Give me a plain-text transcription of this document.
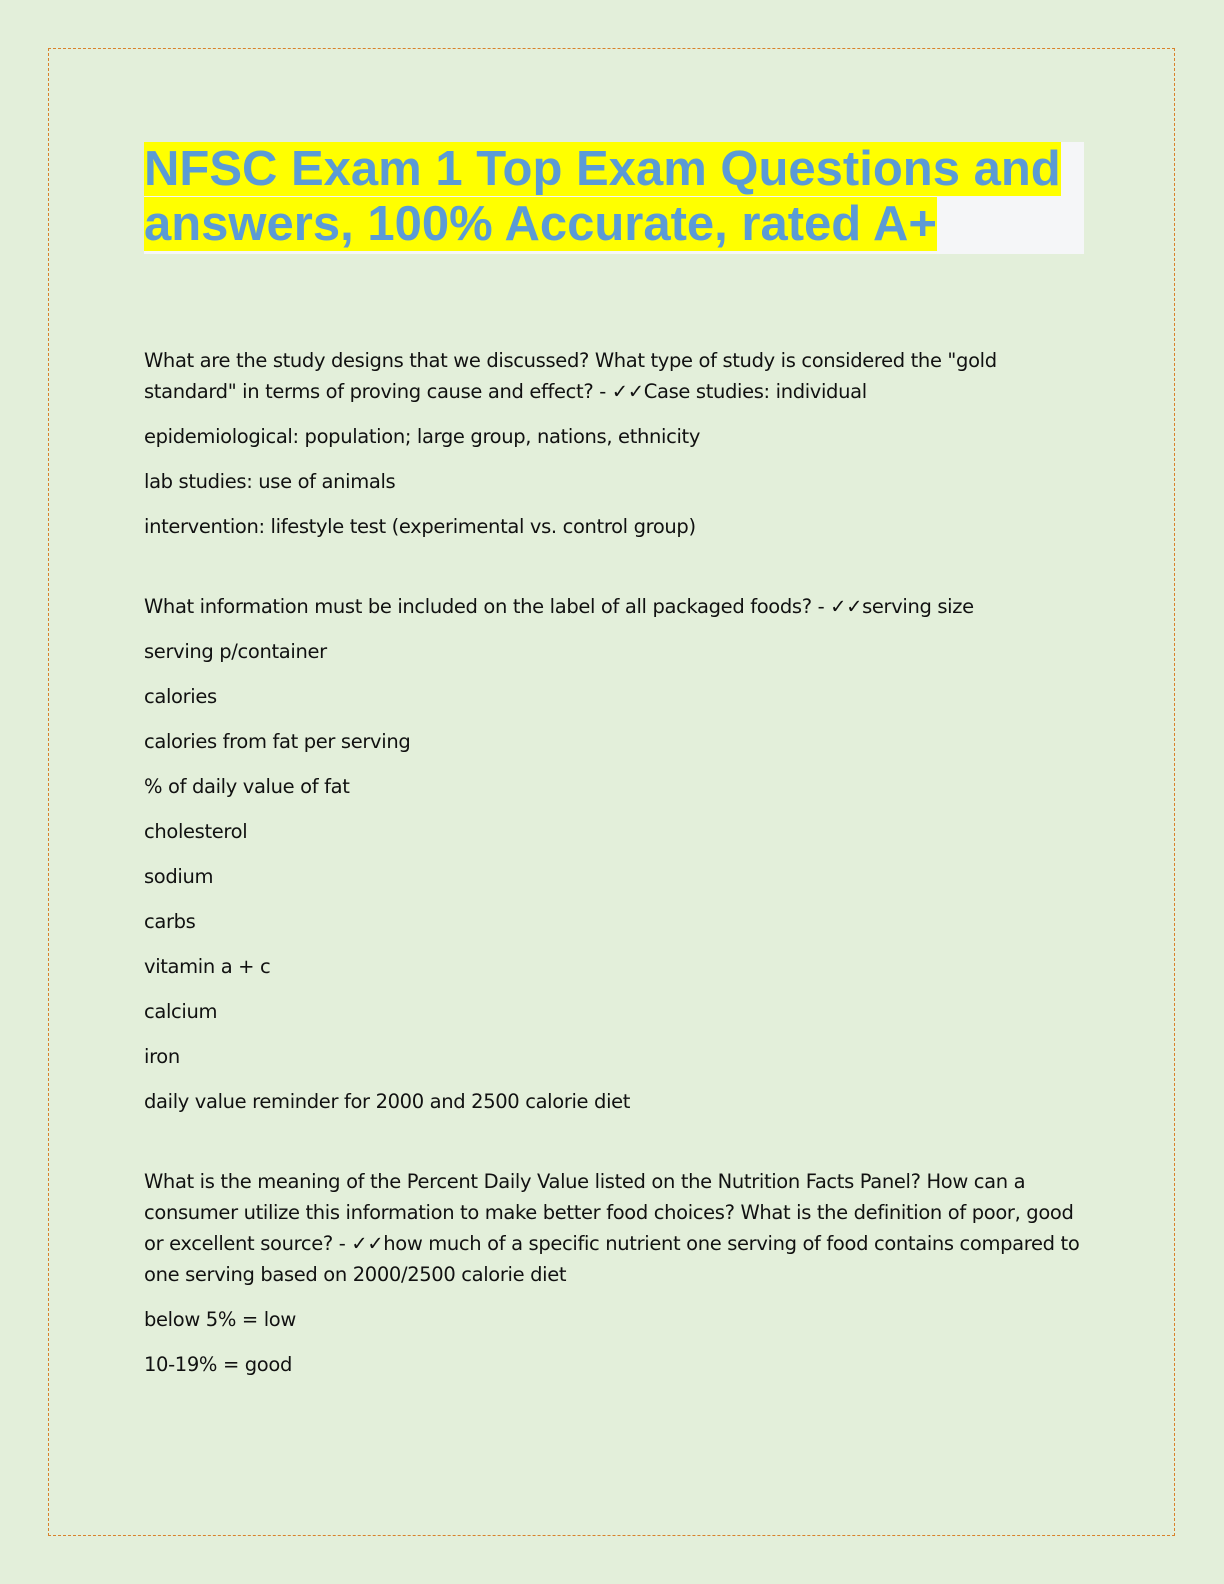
NFSC Exam 1 Top Exam Questions and answers, 100% Accurate, rated A+

What are the study designs that we discussed? What type of study is considered the "gold standard" in terms of proving cause and effect? - ✓✓Case studies: individual

epidemiological: population; large group, nations, ethnicity

lab studies: use of animals

intervention: lifestyle test (experimental vs. control group)

What information must be included on the label of all packaged foods? - ✓✓serving size

serving p/container

calories

calories from fat per serving

% of daily value of fat

cholesterol

sodium

carbs

vitamin a + c

calcium

iron

daily value reminder for 2000 and 2500 calorie diet

What is the meaning of the Percent Daily Value listed on the Nutrition Facts Panel? How can a consumer utilize this information to make better food choices? What is the definition of poor, good or excellent source? - ✓✓how much of a specific nutrient one serving of food contains compared to one serving based on 2000/2500 calorie diet

below 5% = low

10-19% = good
